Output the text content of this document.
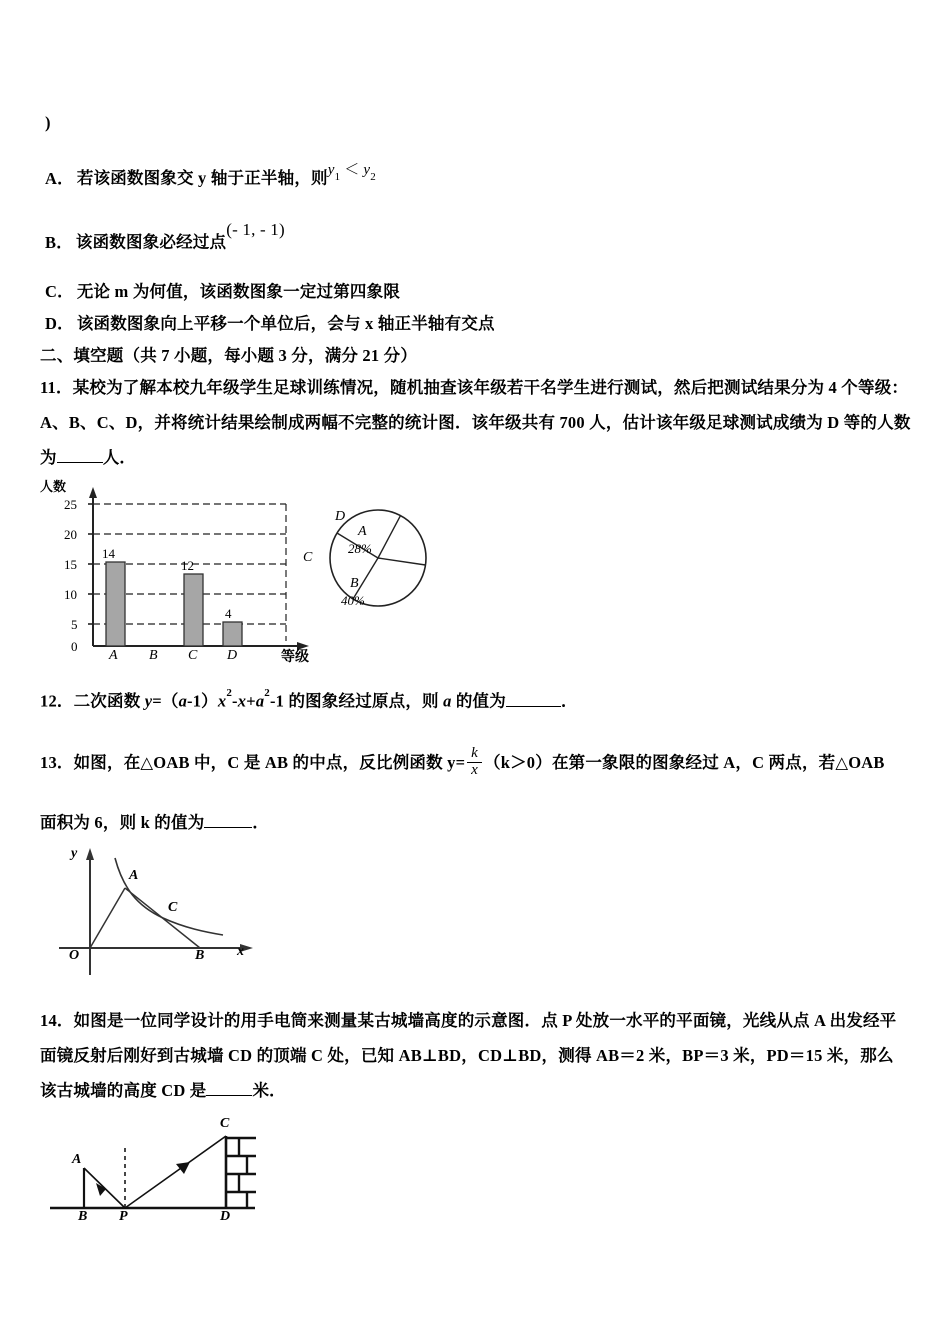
)
A． 若该函数图象交 y 轴于正半轴，则$y_1 < y_2$
B． 该函数图象必经过点(- 1, - 1)
C． 无论 m 为何值，该函数图象一定过第四象限
D． 该函数图象向上平移一个单位后，会与 x 轴正半轴有交点
二、填空题（共 7 小题，每小题 3 分，满分 21 分）
11．某校为了解本校九年级学生足球训练情况，随机抽查该年级若干名学生进行测试，然后把测试结果分为 4 个等级：
A、B、C、D，并将统计结果绘制成两幅不完整的统计图．该年级共有 700 人，估计该年级足球测试成绩为 D 等的人数
为	人．
人数
25
20
15
10
5
0
14
12
4
A B C D	等级
A
28%
B
40%
C
D
12．二次函数 $y=(a-1)x^2-x+a^2-1$ 的图象经过原点，则 a 的值为	．
13．如图，在△OAB 中，C 是 AB 的中点，反比例函数 $y= \frac{k}{x} (k>0)$在第一象限的图象经过 A，C 两点，若△OAB
面积为 6，则 k 的值为	．
y
x
O
A
C
B
14．如图是一位同学设计的用手电筒来测量某古城墙高度的示意图．点 P 处放一水平的平面镜，光线从点 A 出发经平
面镜反射后刚好到古城墙 CD 的顶端 C 处，已知 AB⊥BD，CD⊥BD，测得 AB＝2 米，BP＝3 米，PD＝15 米，那么
该古城墙的高度 CD 是	米．
A
B P
C
D
